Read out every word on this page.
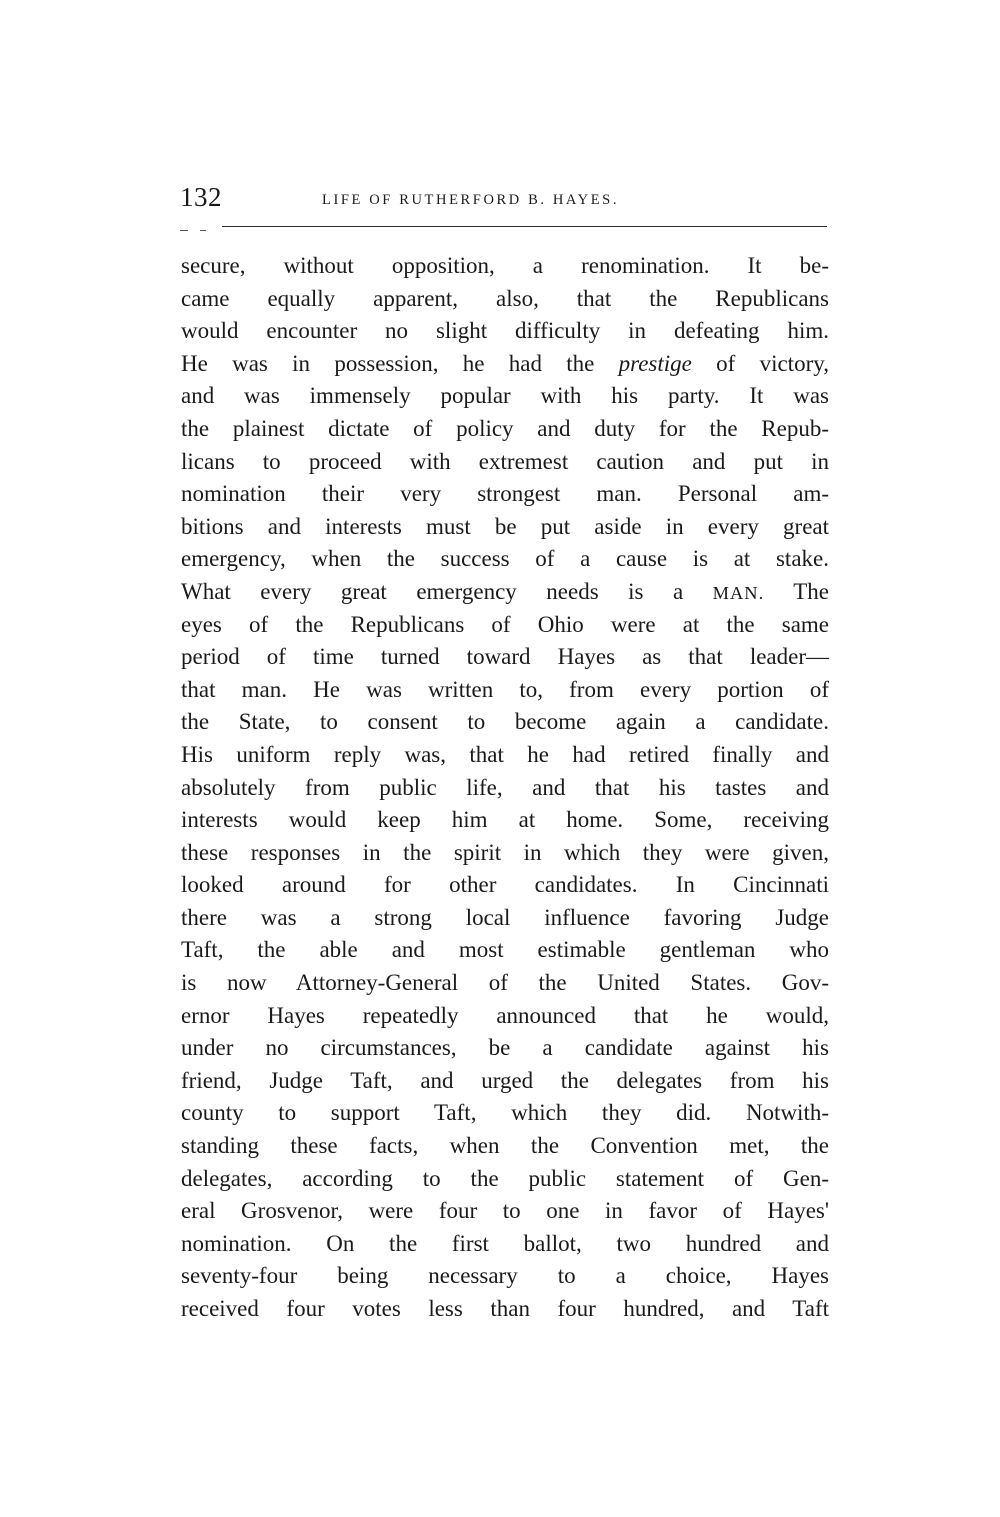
132	LIFE OF RUTHERFORD B. HAYES.
secure, without opposition, a renomination. It be-
came equally apparent, also, that the Republicans
would encounter no slight difficulty in defeating him.
He was in possession, he had the prestige of victory,
and was immensely popular with his party. It was
the plainest dictate of policy and duty for the Repub-
licans to proceed with extremest caution and put in
nomination their very strongest man. Personal am-
bitions and interests must be put aside in every great
emergency, when the success of a cause is at stake.
What every great emergency needs is a MAN. The
eyes of the Republicans of Ohio were at the same
period of time turned toward Hayes as that leader—
that man. He was written to, from every portion of
the State, to consent to become again a candidate.
His uniform reply was, that he had retired finally and
absolutely from public life, and that his tastes and
interests would keep him at home. Some, receiving
these responses in the spirit in which they were given,
looked around for other candidates. In Cincinnati
there was a strong local influence favoring Judge
Taft, the able and most estimable gentleman who
is now Attorney-General of the United States. Gov-
ernor Hayes repeatedly announced that he would,
under no circumstances, be a candidate against his
friend, Judge Taft, and urged the delegates from his
county to support Taft, which they did. Notwith-
standing these facts, when the Convention met, the
delegates, according to the public statement of Gen-
eral Grosvenor, were four to one in favor of Hayes'
nomination. On the first ballot, two hundred and
seventy-four being necessary to a choice, Hayes
received four votes less than four hundred, and Taft
